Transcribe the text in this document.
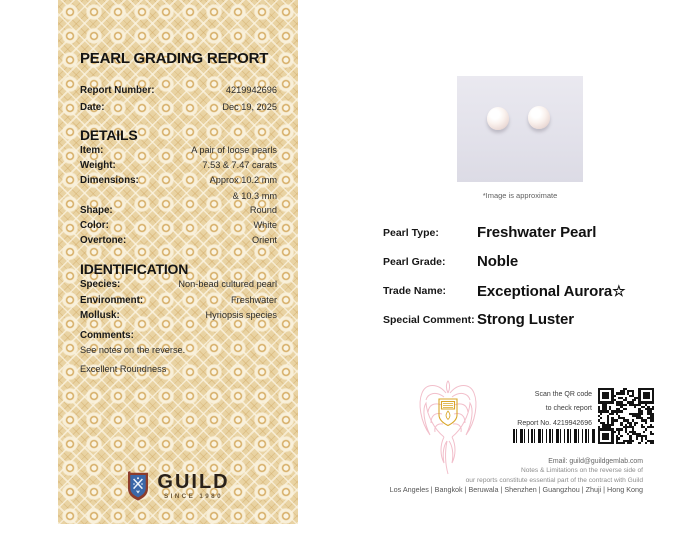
PEARL GRADING REPORT
Report Number:	4219942696
Date:	Dec 19, 2025
DETAILS
Item:	A pair of loose pearls
Weight:	7.53 & 7.47 carats
Dimensions:	Approx 10.2 mm
& 10.3 mm
Shape:	Round
Color:	White
Overtone:	Orient
IDENTIFICATION
Species:	Non-bead cultured pearl
Environment:	Freshwater
Mollusk:	Hyriopsis species
Comments:
See notes on the reverse.
Excellent Roundness
GUILD
SINCE 1980
*Image is approximate
Pearl Type:	Freshwater Pearl
Pearl Grade:	Noble
Trade Name:	Exceptional Aurora☆
Special Comment: Strong Luster
Scan the QR code
to check report
Report No. 4219942696
Email: guild@guildgemlab.com
Notes & Limitations on the reverse side of
our reports constitute essential part of the contract with Guild
Los Angeles | Bangkok | Beruwala | Shenzhen | Guangzhou | Zhuji | Hong Kong
